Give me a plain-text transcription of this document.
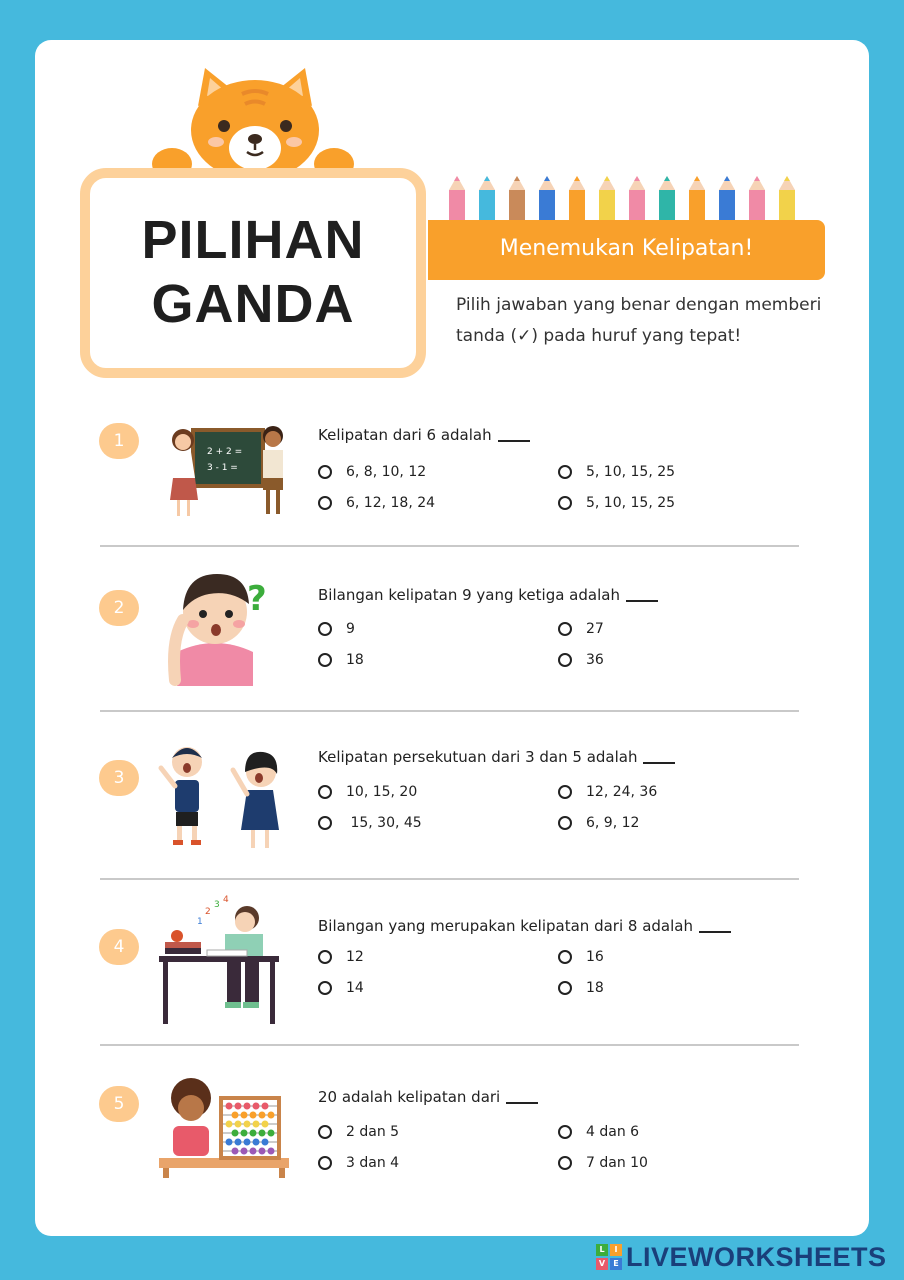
PILIHAN
GANDA
Menemukan Kelipatan!
Pilih jawaban yang benar dengan memberi tanda (✓) pada huruf yang tepat!
1
2 + 2 =
3 - 1 =
Kelipatan dari 6 adalah
6, 8, 10, 12	5, 10, 15, 25
6, 12, 18, 24	5, 10, 15, 25
2	?	Bilangan kelipatan 9 yang ketiga adalah
9	27
18	36
3
Kelipatan persekutuan dari 3 dan 5 adalah
10, 15, 20	12, 24, 36
15, 30, 45	6, 9, 12
4
1
2
3 4
Bilangan yang merupakan kelipatan dari 8 adalah
12	16
14	18
5	20 adalah kelipatan dari
2 dan 5	4 dan 6
3 dan 4	7 dan 10
L	I
V	E LIVEWORKSHEETS
